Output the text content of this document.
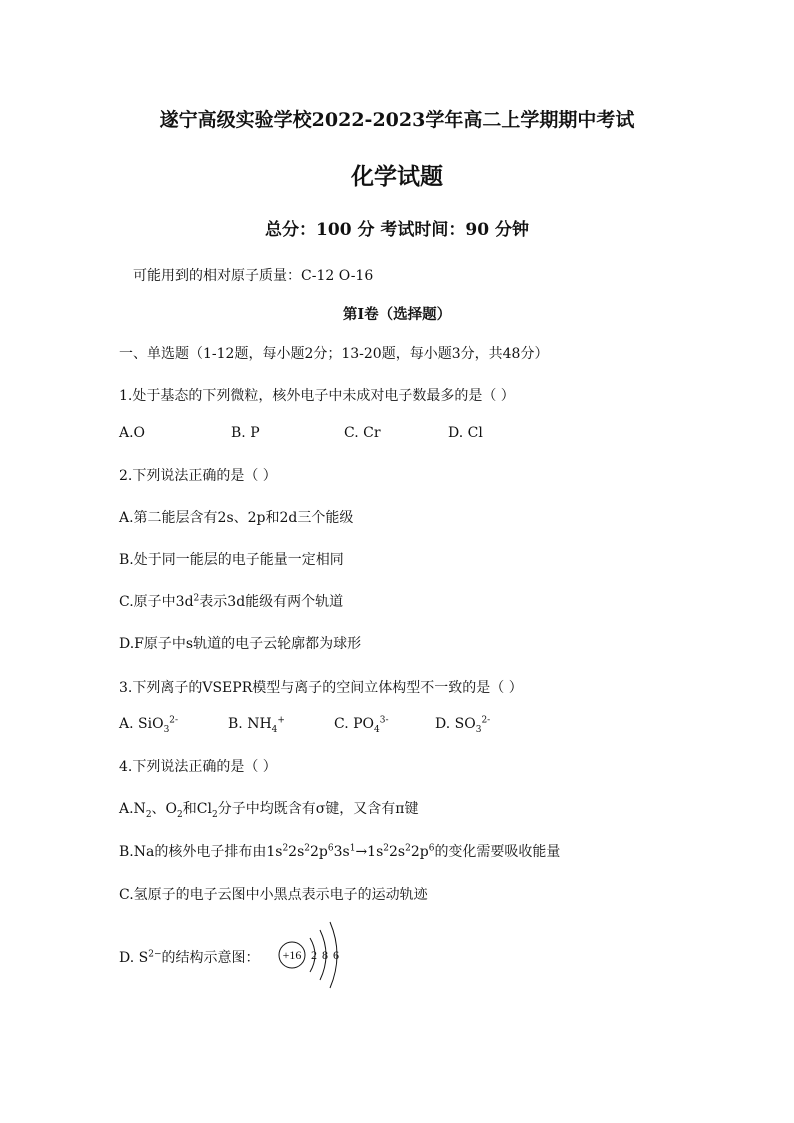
遂宁高级实验学校2022-2023学年高二上学期期中考试
化学试题
总分：100 分 考试时间：90 分钟
可能用到的相对原子质量：C-12 O-16
第Ⅰ卷（选择题）
一、单选题（1-12题，每小题2分；13-20题，每小题3分，共48分）
1.处于基态的下列微粒，核外电子中未成对电子数最多的是（ ）
A.O	B. P	C. Cr	D. Cl
2.下列说法正确的是（ ）
A.第二能层含有2s、2p和2d三个能级
B.处于同一能层的电子能量一定相同
C.原子中$3d^2$表示3d能级有两个轨道
D.F原子中s轨道的电子云轮廓都为球形
3.下列离子的VSEPR模型与离子的空间立体构型不一致的是（ ）
A. SiO$_3^{2-}$	B. $NH_4^+$	C. $PO_4^{3-}$	D. $SO_3^{2-}$
4.下列说法正确的是（ ）
$A.N_2$、$O_2$和$Cl_2$分子中均既含有σ键，又含有π键
B.Na的核外电子排布由$1s^22s^22p^63s^1\to 1s^22s^22p^6$的变化需要吸收能量
C.氢原子的电子云图中小黑点表示电子的运动轨迹
D. $S^{2-}$的结构示意图： +16 2 8 6
